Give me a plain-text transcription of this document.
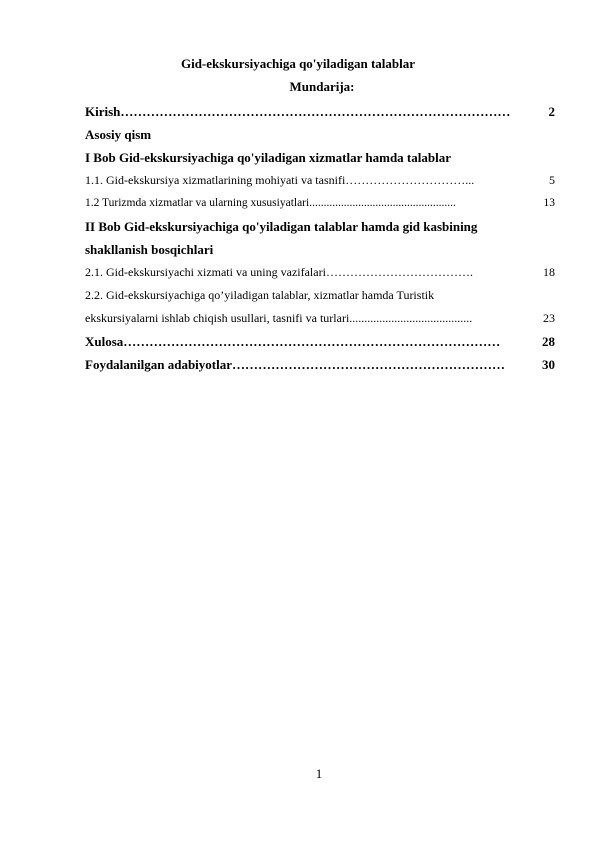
Gid-ekskursiyachiga qo'yiladigan talablar
Mundarija:
Kirish………………………………………………………………………………	2
Asosiy qism
I Bob Gid-ekskursiyachiga qo'yiladigan xizmatlar hamda talablar
1.1. Gid-ekskursiya xizmatlarining mohiyati va tasnifi…………………………...	5
1.2 Turizmda xizmatlar va ularning xususiyatlari...................................................	13
II Bob Gid-ekskursiyachiga qo'yiladigan talablar hamda gid kasbining
shakllanish bosqichlari
2.1. Gid-ekskursiyachi xizmati va uning vazifalari……………………………….	18
2.2. Gid-ekskursiyachiga qo’yiladigan talablar, xizmatlar hamda Turistik
ekskursiyalarni ishlab chiqish usullari, tasnifi va turlari.........................................	23
Xulosa……………………………………………………………………………	28
Foydalanilgan adabiyotlar………………………………………………………	30
1
